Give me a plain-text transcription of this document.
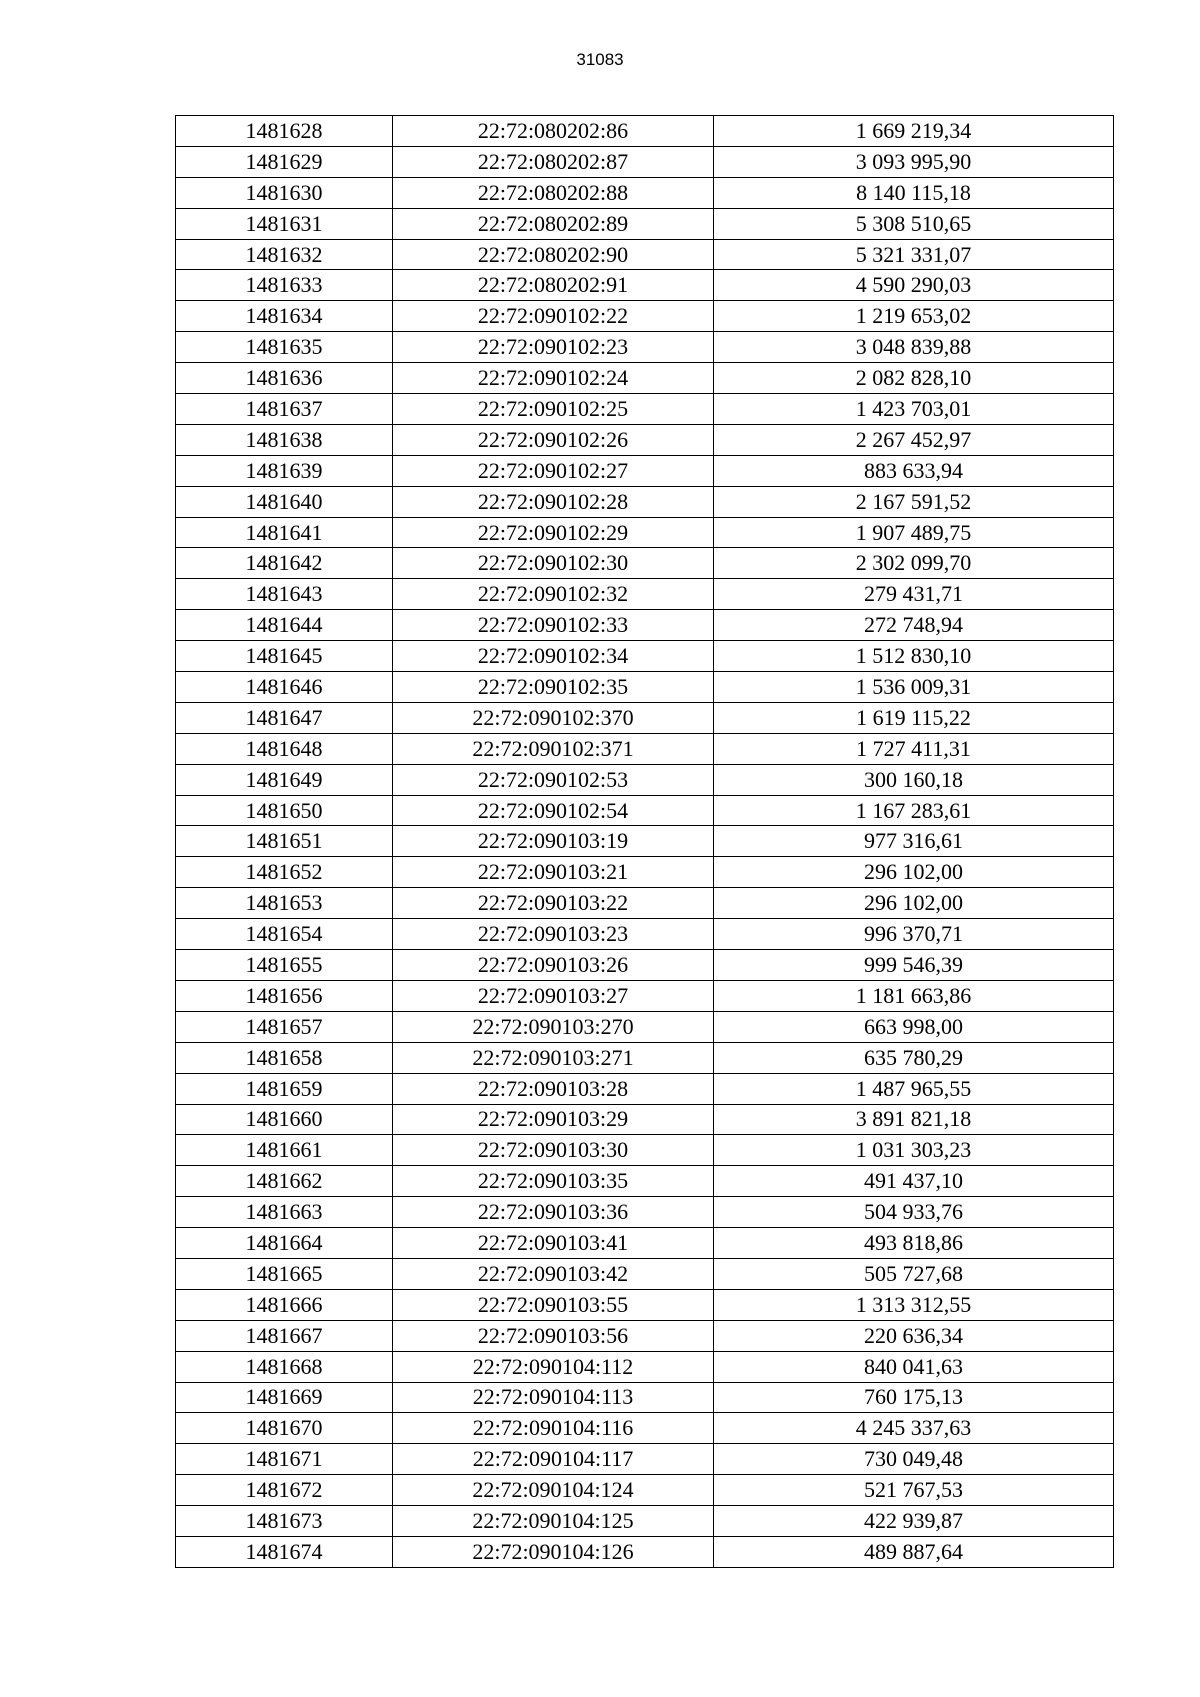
31083
1481628	22:72:080202:86	1 669 219,34
1481629	22:72:080202:87	3 093 995,90
1481630	22:72:080202:88	8 140 115,18
1481631	22:72:080202:89	5 308 510,65
1481632	22:72:080202:90	5 321 331,07
1481633	22:72:080202:91	4 590 290,03
1481634	22:72:090102:22	1 219 653,02
1481635	22:72:090102:23	3 048 839,88
1481636	22:72:090102:24	2 082 828,10
1481637	22:72:090102:25	1 423 703,01
1481638	22:72:090102:26	2 267 452,97
1481639	22:72:090102:27	883 633,94
1481640	22:72:090102:28	2 167 591,52
1481641	22:72:090102:29	1 907 489,75
1481642	22:72:090102:30	2 302 099,70
1481643	22:72:090102:32	279 431,71
1481644	22:72:090102:33	272 748,94
1481645	22:72:090102:34	1 512 830,10
1481646	22:72:090102:35	1 536 009,31
1481647	22:72:090102:370	1 619 115,22
1481648	22:72:090102:371	1 727 411,31
1481649	22:72:090102:53	300 160,18
1481650	22:72:090102:54	1 167 283,61
1481651	22:72:090103:19	977 316,61
1481652	22:72:090103:21	296 102,00
1481653	22:72:090103:22	296 102,00
1481654	22:72:090103:23	996 370,71
1481655	22:72:090103:26	999 546,39
1481656	22:72:090103:27	1 181 663,86
1481657	22:72:090103:270	663 998,00
1481658	22:72:090103:271	635 780,29
1481659	22:72:090103:28	1 487 965,55
1481660	22:72:090103:29	3 891 821,18
1481661	22:72:090103:30	1 031 303,23
1481662	22:72:090103:35	491 437,10
1481663	22:72:090103:36	504 933,76
1481664	22:72:090103:41	493 818,86
1481665	22:72:090103:42	505 727,68
1481666	22:72:090103:55	1 313 312,55
1481667	22:72:090103:56	220 636,34
1481668	22:72:090104:112	840 041,63
1481669	22:72:090104:113	760 175,13
1481670	22:72:090104:116	4 245 337,63
1481671	22:72:090104:117	730 049,48
1481672	22:72:090104:124	521 767,53
1481673	22:72:090104:125	422 939,87
1481674	22:72:090104:126	489 887,64
